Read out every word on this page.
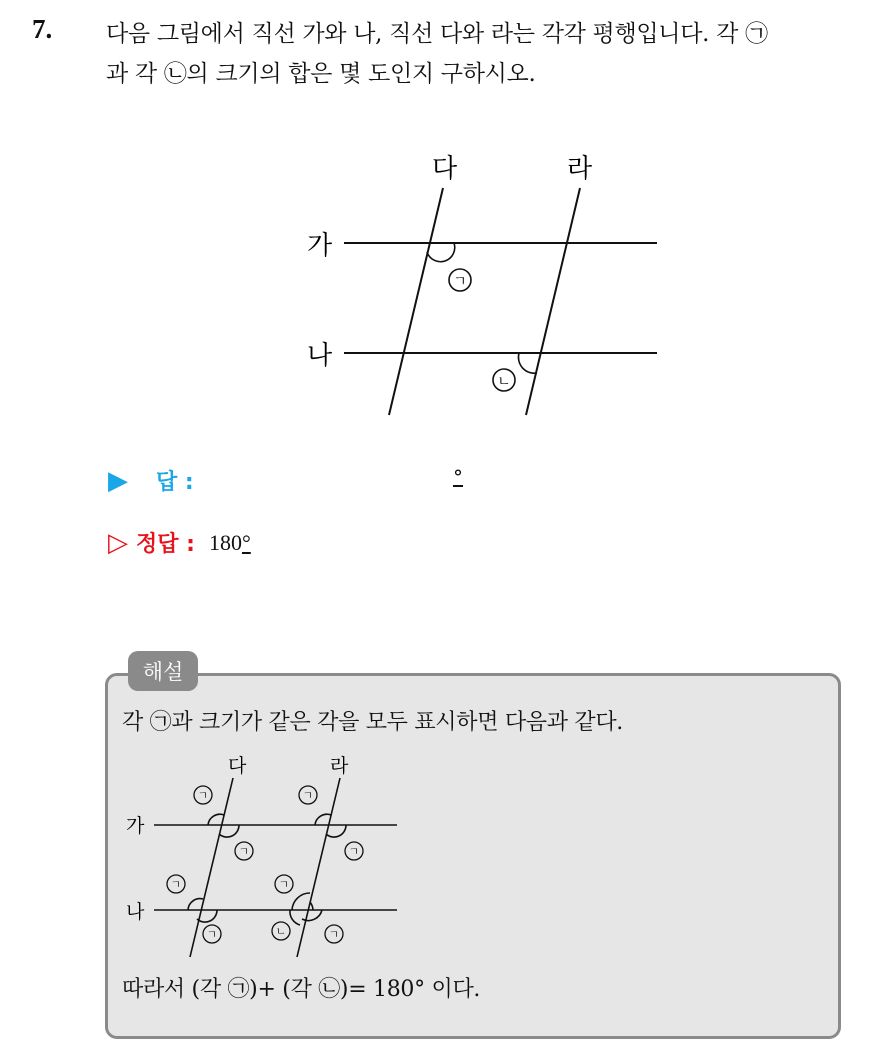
7. 다음 그림에서 직선 가와 나, 직선 다와 라는 각각 평행입니다. 각 ㉠
과 각 ㉡의 크기의 합은 몇 도인지 구하시오.
다	라
가
나
ㄱ
ㄴ
▶ 답 :	°
▷ 정답 : 180°
해설
각 ㉠과 크기가 같은 각을 모두 표시하면 다음과 같다.
다	라
가
나
ㄱ
ㄱ
ㄱ
ㄱ
ㄱ	ㄱ
ㄱ	ㄱ
ㄴ
따라서 (각 ㉠)+ (각 ㉡)= 180° 이다.
